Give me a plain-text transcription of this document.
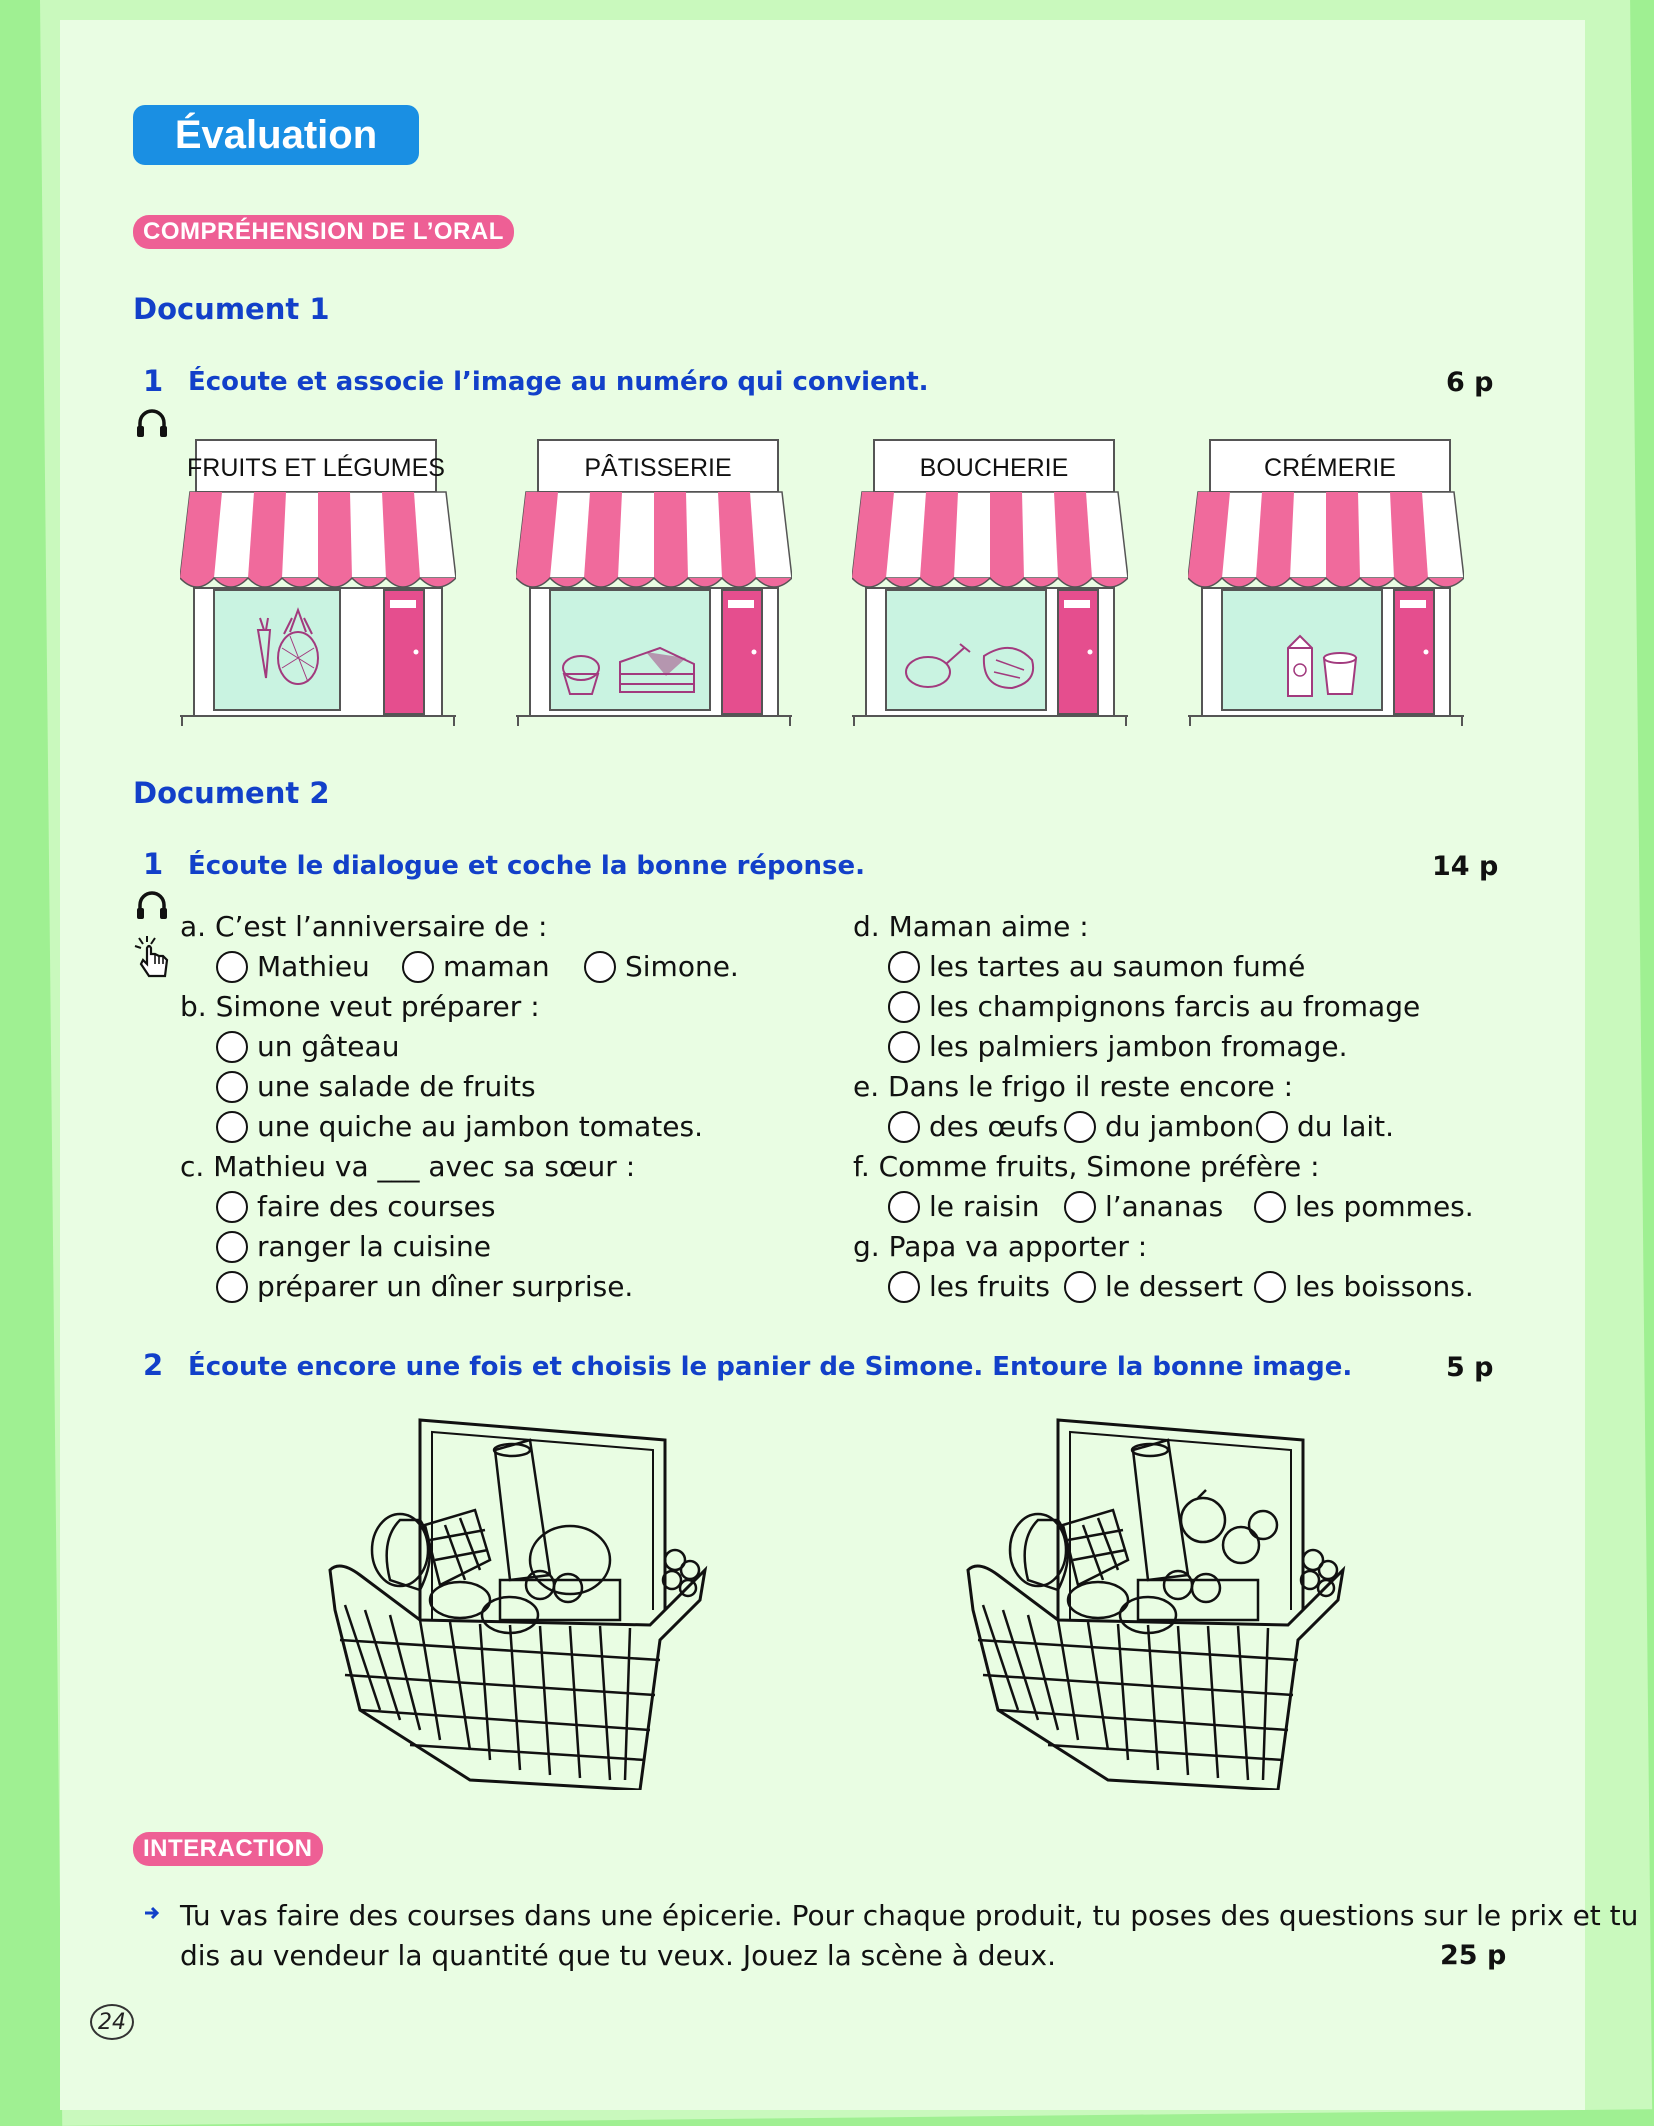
Évaluation
COMPRÉHENSION DE L’ORAL
Document 1
1 Écoute et associe l’image au numéro qui convient.	6 p
FRUITS ET LÉGUMES	PÂTISSERIE	BOUCHERIE	CRÉMERIE
Document 2
1 Écoute le dialogue et coche la bonne réponse.	14 p
a. C’est l’anniversaire de :
Mathieu	maman	Simone.
b. Simone veut préparer :
un gâteau
une salade de fruits
une quiche au jambon tomates.
c. Mathieu va ___ avec sa sœur :
faire des courses
ranger la cuisine
préparer un dîner surprise.
d. Maman aime :
les tartes au saumon fumé
les champignons farcis au fromage
les palmiers jambon fromage.
e. Dans le frigo il reste encore :
des œufs du jambon du lait.
f. Comme fruits, Simone préfère :
le raisin l’ananas	les pommes.
g. Papa va apporter :
les fruits le dessert les boissons.
2 Écoute encore une fois et choisis le panier de Simone. Entoure la bonne image.	5 p
INTERACTION
Tu vas faire des courses dans une épicerie. Pour chaque produit, tu poses des questions sur le prix et tu
dis au vendeur la quantité que tu veux. Jouez la scène à deux.	25 p
24
